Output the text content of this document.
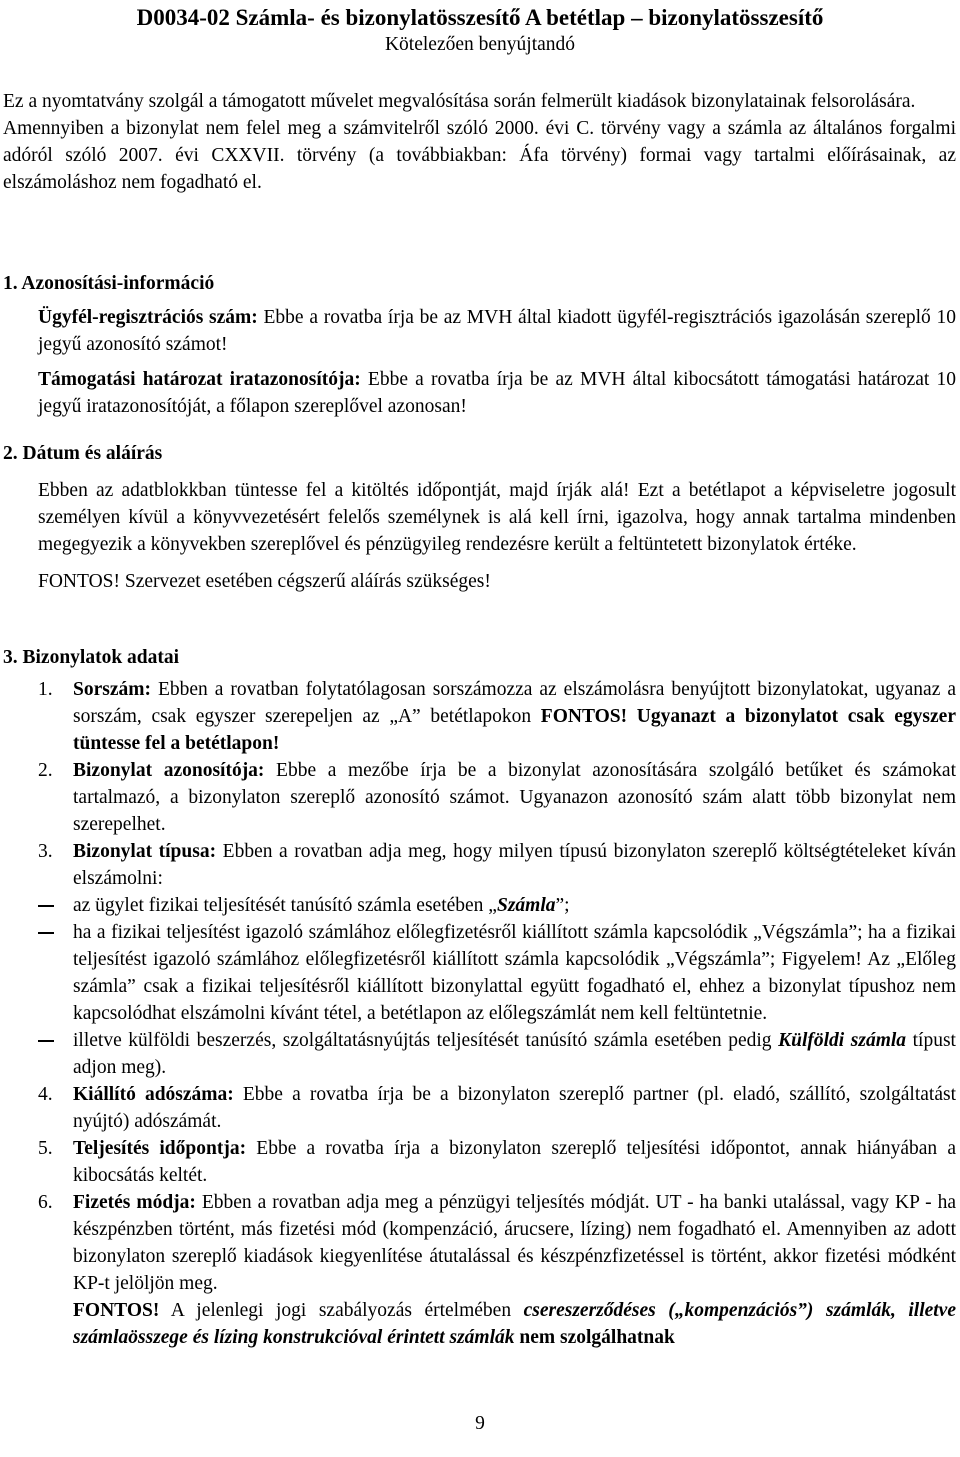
D0034-02 Számla- és bizonylatösszesítő A betétlap – bizonylatösszesítő
Kötelezően benyújtandó

Ez a nyomtatvány szolgál a támogatott művelet megvalósítása során felmerült kiadások bizonylatainak felsorolására.

Amennyiben a bizonylat nem felel meg a számvitelről szóló 2000. évi C. törvény vagy a számla az általános forgalmi adóról szóló 2007. évi CXXVII. törvény (a továbbiakban: Áfa törvény) formai vagy tartalmi előírásainak, az elszámoláshoz nem fogadható el.

1. Azonosítási-információ

Ügyfél-regisztrációs szám: Ebbe a rovatba írja be az MVH által kiadott ügyfél-regisztrációs igazolásán szereplő 10 jegyű azonosító számot!

Támogatási határozat iratazonosítója: Ebbe a rovatba írja be az MVH által kibocsátott támogatási határozat 10 jegyű iratazonosítóját, a főlapon szereplővel azonosan!

2. Dátum és aláírás

Ebben az adatblokkban tüntesse fel a kitöltés időpontját, majd írják alá! Ezt a betétlapot a képviseletre jogosult személyen kívül a könyvvezetésért felelős személynek is alá kell írni, igazolva, hogy annak tartalma mindenben megegyezik a könyvekben szereplővel és pénzügyileg rendezésre került a feltüntetett bizonylatok értéke.

FONTOS! Szervezet esetében cégszerű aláírás szükséges!

3. Bizonylatok adatai
1. Sorszám: Ebben a rovatban folytatólagosan sorszámozza az elszámolásra benyújtott bizonylatokat, ugyanaz a sorszám, csak egyszer szerepeljen az „A” betétlapokon FONTOS! Ugyanazt a bizonylatot csak egyszer tüntesse fel a betétlapon!
2. Bizonylat azonosítója: Ebbe a mezőbe írja be a bizonylat azonosítására szolgáló betűket és számokat tartalmazó, a bizonylaton szereplő azonosító számot. Ugyanazon azonosító szám alatt több bizonylat nem szerepelhet.
3. Bizonylat típusa: Ebben a rovatban adja meg, hogy milyen típusú bizonylaton szereplő költségtételeket kíván elszámolni:
az ügylet fizikai teljesítését tanúsító számla esetében „Számla”;
ha a fizikai teljesítést igazoló számlához előlegfizetésről kiállított számla kapcsolódik „Végszámla”; ha a fizikai teljesítést igazoló számlához előlegfizetésről kiállított számla kapcsolódik „Végszámla”; Figyelem! Az „Előleg számla” csak a fizikai teljesítésről kiállított bizonylattal együtt fogadható el, ehhez a bizonylat típushoz nem kapcsolódhat elszámolni kívánt tétel, a betétlapon az előlegszámlát nem kell feltüntetnie.
illetve külföldi beszerzés, szolgáltatásnyújtás teljesítését tanúsító számla esetében pedig Külföldi számla típust adjon meg).
4. Kiállító adószáma: Ebbe a rovatba írja be a bizonylaton szereplő partner (pl. eladó, szállító, szolgáltatást nyújtó) adószámát.
5. Teljesítés időpontja: Ebbe a rovatba írja a bizonylaton szereplő teljesítési időpontot, annak hiányában a kibocsátás keltét.
6. Fizetés módja: Ebben a rovatban adja meg a pénzügyi teljesítés módját. UT - ha banki utalással, vagy KP - ha készpénzben történt, más fizetési mód (kompenzáció, árucsere, lízing) nem fogadható el. Amennyiben az adott bizonylaton szereplő kiadások kiegyenlítése átutalással és készpénzfizetéssel is történt, akkor fizetési módként KP-t jelöljön meg.
FONTOS! A jelenlegi jogi szabályozás értelmében csereszerződéses („kompenzációs”) számlák, illetve számlaösszege és lízing konstrukcióval érintett számlák nem szolgálhatnak
9
